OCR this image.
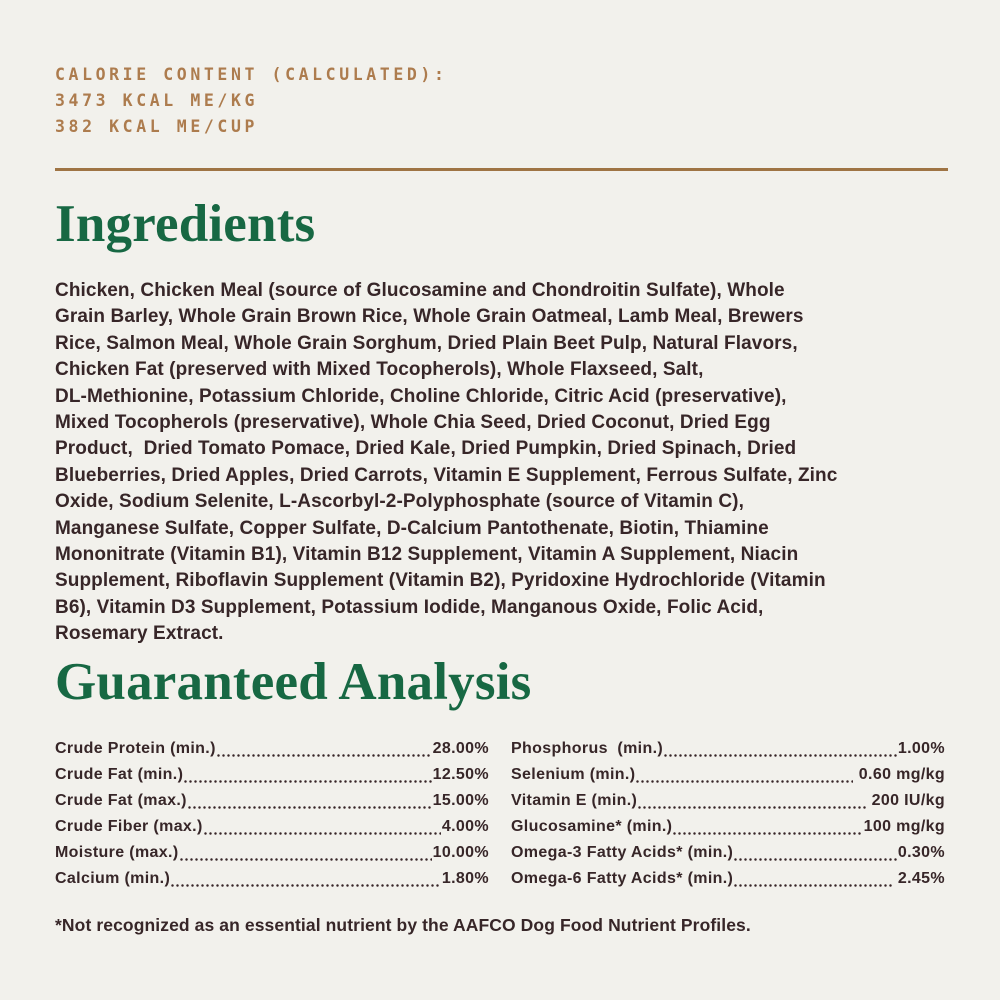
CALORIE CONTENT (CALCULATED):
3473 KCAL ME/KG
382 KCAL ME/CUP
Ingredients
Chicken, Chicken Meal (source of Glucosamine and Chondroitin Sulfate), Whole
Grain Barley, Whole Grain Brown Rice, Whole Grain Oatmeal, Lamb Meal, Brewers
Rice, Salmon Meal, Whole Grain Sorghum, Dried Plain Beet Pulp, Natural Flavors,
Chicken Fat (preserved with Mixed Tocopherols), Whole Flaxseed, Salt,
DL-Methionine, Potassium Chloride, Choline Chloride, Citric Acid (preservative),
Mixed Tocopherols (preservative), Whole Chia Seed, Dried Coconut, Dried Egg
Product,  Dried Tomato Pomace, Dried Kale, Dried Pumpkin, Dried Spinach, Dried
Blueberries, Dried Apples, Dried Carrots, Vitamin E Supplement, Ferrous Sulfate, Zinc
Oxide, Sodium Selenite, L-Ascorbyl-2-Polyphosphate (source of Vitamin C),
Manganese Sulfate, Copper Sulfate, D-Calcium Pantothenate, Biotin, Thiamine
Mononitrate (Vitamin B1), Vitamin B12 Supplement, Vitamin A Supplement, Niacin
Supplement, Riboflavin Supplement (Vitamin B2), Pyridoxine Hydrochloride (Vitamin
B6), Vitamin D3 Supplement, Potassium Iodide, Manganous Oxide, Folic Acid,
Rosemary Extract.
Guaranteed Analysis
Crude Protein (min.)	28.00%
Crude Fat (min.)	12.50%
Crude Fat (max.)	15.00%
Crude Fiber (max.)	4.00%
Moisture (max.)	10.00%
Calcium (min.)	1.80%
Phosphorus  (min.)	1.00%
Selenium (min.)	0.60 mg/kg
Vitamin E (min.)	200 IU/kg
Glucosamine* (min.)	100 mg/kg
Omega-3 Fatty Acids* (min.)	0.30%
Omega-6 Fatty Acids* (min.)	2.45%

*Not recognized as an essential nutrient by the AAFCO Dog Food Nutrient Profiles.
